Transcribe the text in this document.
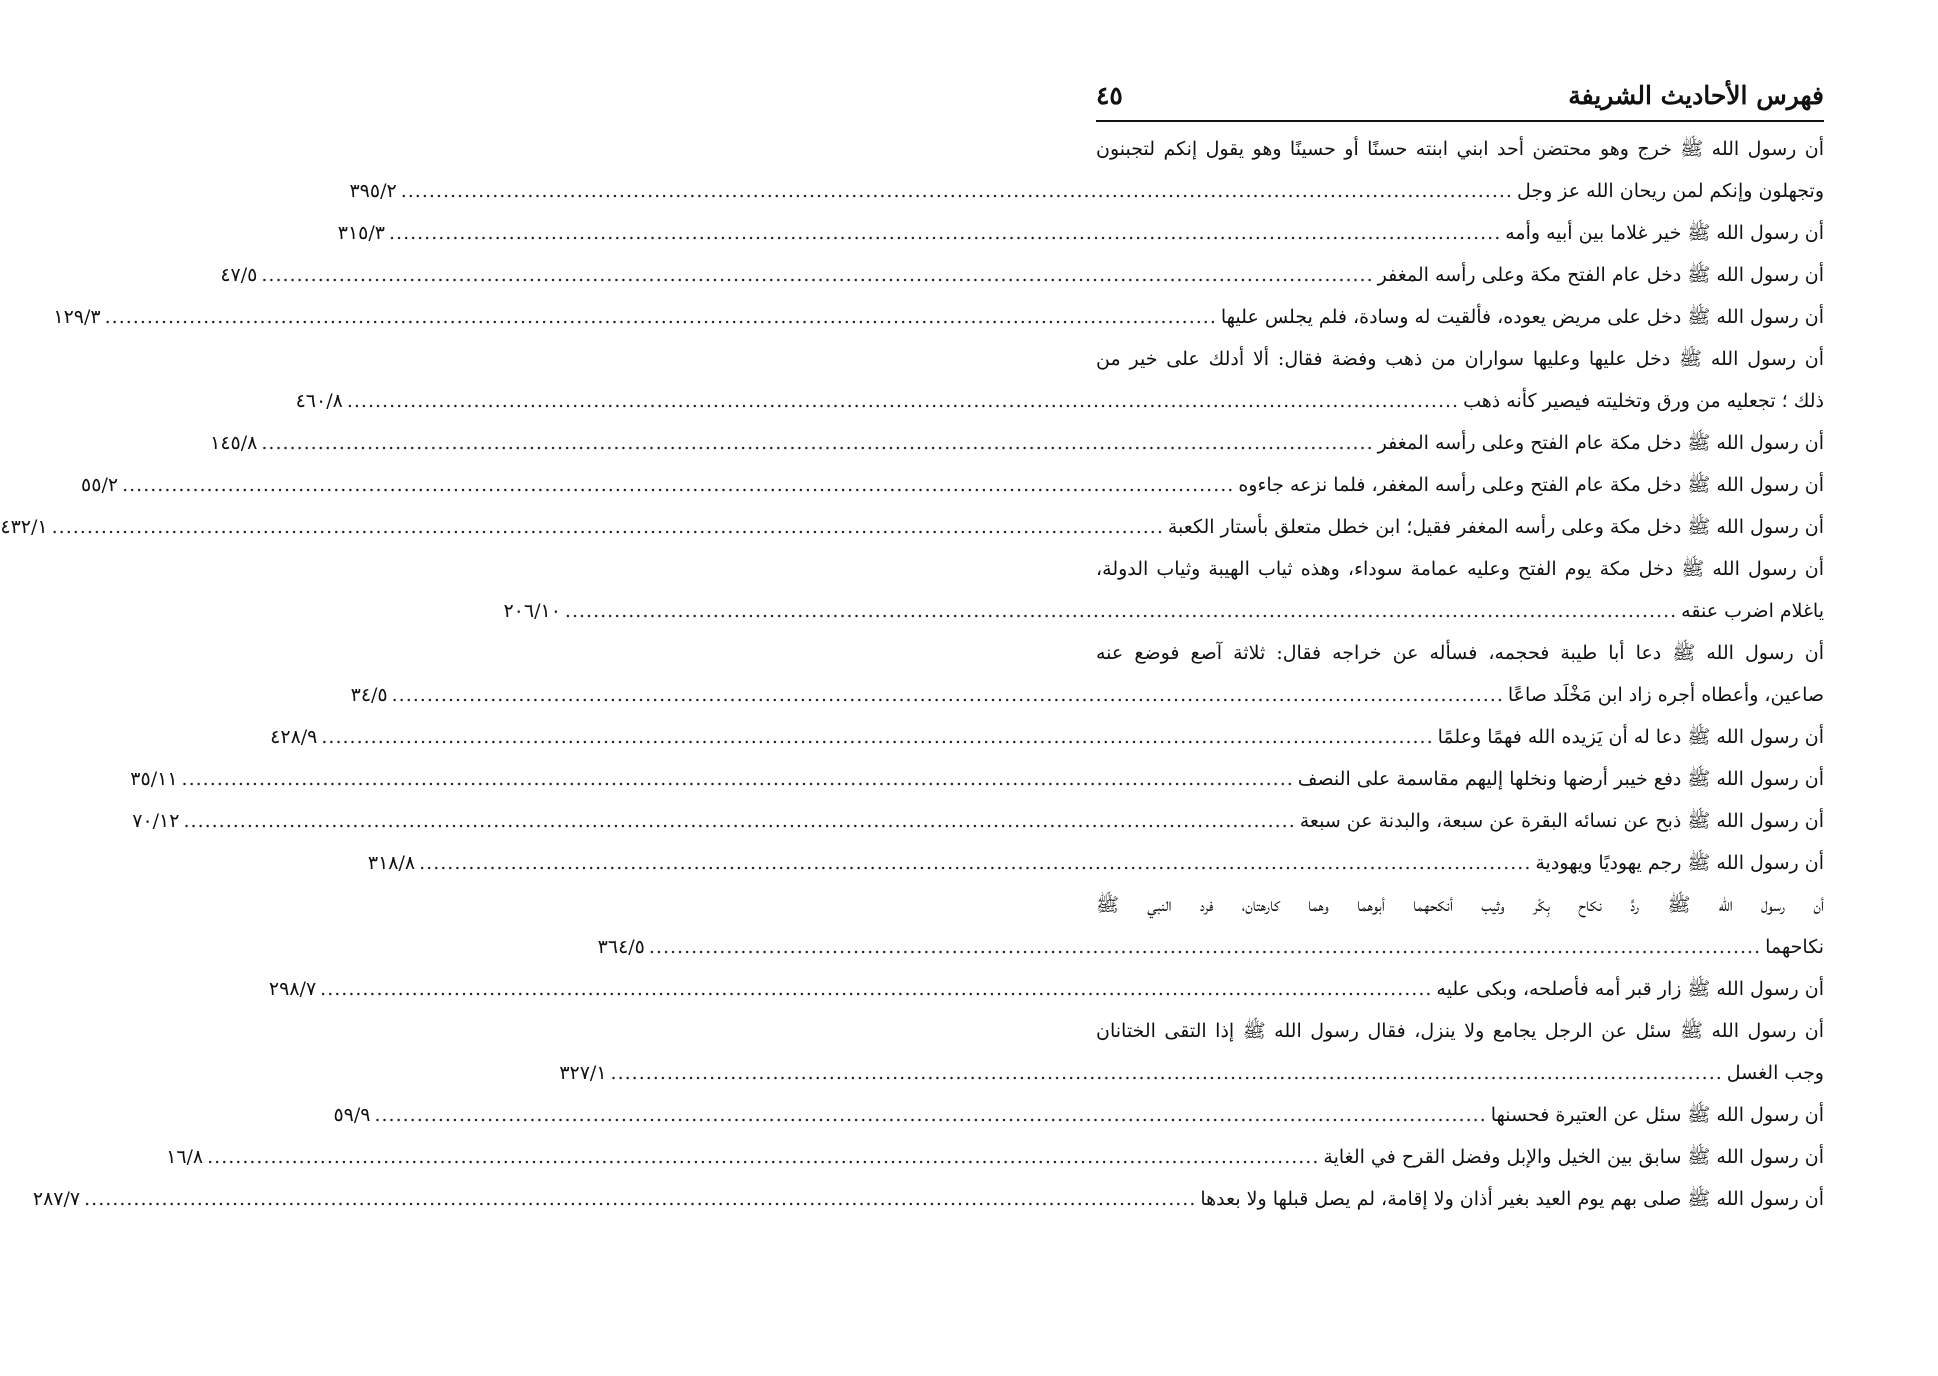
فهرس الأحاديث الشريفة
٤٥
أن رسول الله ﷺ خرج وهو محتضن أحد ابني ابنته حسنًا أو حسينًا وهو يقول إنكم لتجبنون
وتجهلون وإنكم لمن ريحان الله عز وجل
..............................................................................................................................................................
٣٩٥/٢
أن رسول الله ﷺ خير غلاما بين أبيه وأمه
..............................................................................................................................................................
٣١٥/٣
أن رسول الله ﷺ دخل عام الفتح مكة وعلى رأسه المغفر
..............................................................................................................................................................
٤٧/٥
أن رسول الله ﷺ دخل على مريض يعوده، فألقيت له وسادة، فلم يجلس عليها
..............................................................................................................................................................
١٢٩/٣
أن رسول الله ﷺ دخل عليها وعليها سواران من ذهب وفضة فقال: ألا أدلك على خير من
ذلك ؛ تجعليه من ورق وتخليته فيصير كأنه ذهب
..............................................................................................................................................................
٤٦٠/٨
أن رسول الله ﷺ دخل مكة عام الفتح وعلى رأسه المغفر
..............................................................................................................................................................
١٤٥/٨
أن رسول الله ﷺ دخل مكة عام الفتح وعلى رأسه المغفر، فلما نزعه جاءوه
..............................................................................................................................................................
٥٥/٢
أن رسول الله ﷺ دخل مكة وعلى رأسه المغفر فقيل؛ ابن خطل متعلق بأستار الكعبة
..............................................................................................................................................................
٤٣٢/١
أن رسول الله ﷺ دخل مكة يوم الفتح وعليه عمامة سوداء، وهذه ثياب الهيبة وثياب الدولة،
ياغلام اضرب عنقه
..............................................................................................................................................................
٢٠٦/١٠
أن رسول الله ﷺ دعا أبا طيبة فحجمه، فسأله عن خراجه فقال: ثلاثة آصع فوضع عنه
صاعين، وأعطاه أجره زاد ابن مَخْلَد صاعًا
..............................................................................................................................................................
٣٤/٥
أن رسول الله ﷺ دعا له أن يَزيده الله فهمًا وعلمًا
..............................................................................................................................................................
٤٢٨/٩
أن رسول الله ﷺ دفع خيبر أرضها ونخلها إليهم مقاسمة على النصف
..............................................................................................................................................................
٣٥/١١
أن رسول الله ﷺ ذبح عن نسائه البقرة عن سبعة، والبدنة عن سبعة
..............................................................................................................................................................
٧٠/١٢
أن رسول الله ﷺ رجم يهوديًا ويهودية
..............................................................................................................................................................
٣١٨/٨
أن رسول الله ﷺ ردَّ نكاح بِكْر وثيب أنكحهما أبوهما وهما كارهتان، فرد النبي ﷺ
نكاحهما
..............................................................................................................................................................
٣٦٤/٥
أن رسول الله ﷺ زار قبر أمه فأصلحه، وبكى عليه
..............................................................................................................................................................
٢٩٨/٧
أن رسول الله ﷺ سئل عن الرجل يجامع ولا ينزل، فقال رسول الله ﷺ إذا التقى الختانان
وجب الغسل
..............................................................................................................................................................
٣٢٧/١
أن رسول الله ﷺ سئل عن العتيرة فحسنها
..............................................................................................................................................................
٥٩/٩
أن رسول الله ﷺ سابق بين الخيل والإبل وفضل القرح في الغاية
..............................................................................................................................................................
١٦/٨
أن رسول الله ﷺ صلى بهم يوم العيد بغير أذان ولا إقامة، لم يصل قبلها ولا بعدها
..............................................................................................................................................................
٢٨٧/٧
